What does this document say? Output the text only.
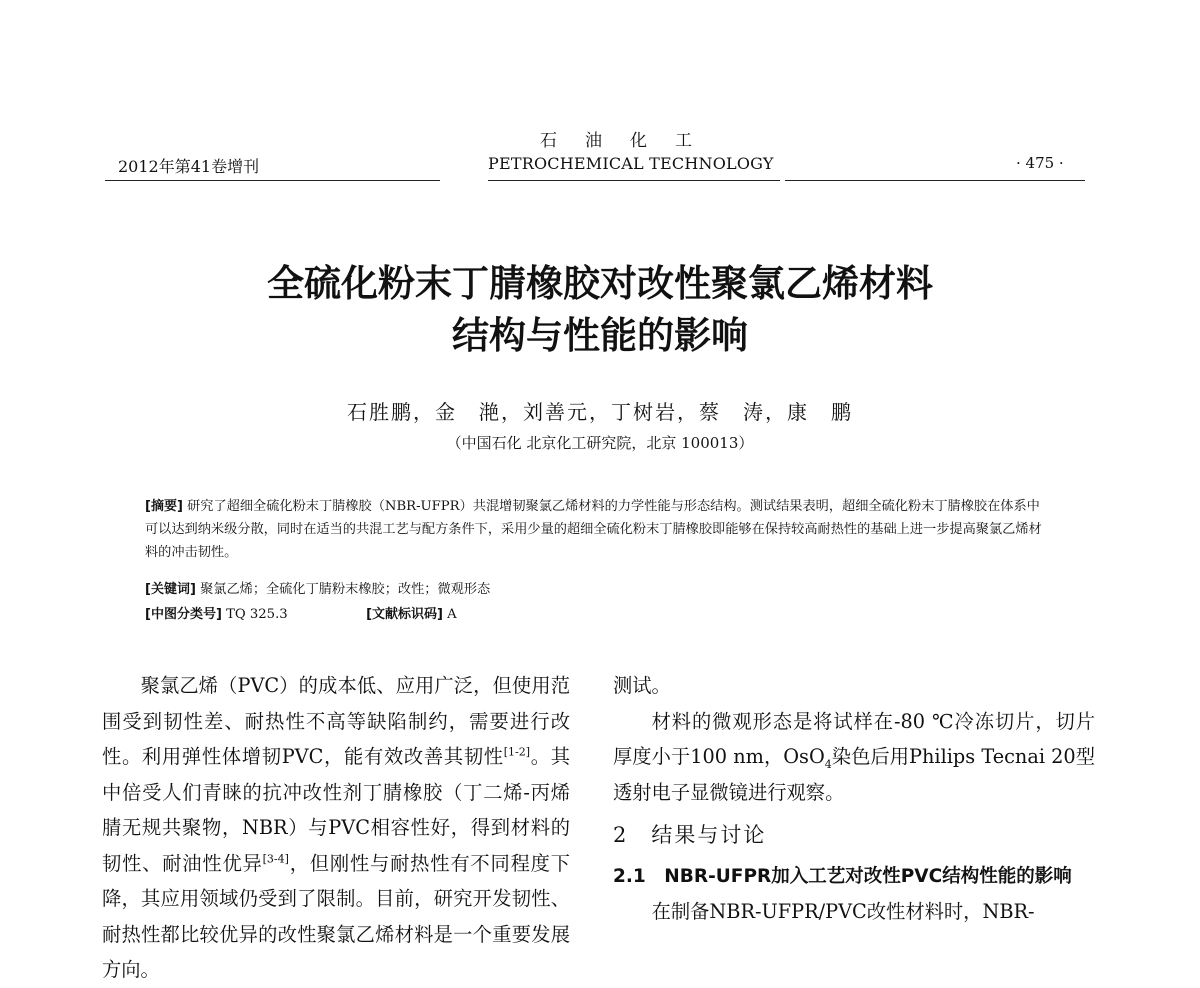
2012年第41卷增刊
石油化工
PETROCHEMICAL TECHNOLOGY	· 475 ·
全硫化粉末丁腈橡胶对改性聚氯乙烯材料
结构与性能的影响
石胜鹏，金　滟，刘善元，丁树岩，蔡　涛，康　鹏
（中国石化 北京化工研究院，北京 100013）
[摘要] 研究了超细全硫化粉末丁腈橡胶（NBR-UFPR）共混增韧聚氯乙烯材料的力学性能与形态结构。测试结果表明，超细全硫化粉末丁腈橡胶在体系中可以达到纳米级分散，同时在适当的共混工艺与配方条件下，采用少量的超细全硫化粉末丁腈橡胶即能够在保持较高耐热性的基础上进一步提高聚氯乙烯材料的冲击韧性。
[关键词] 聚氯乙烯；全硫化丁腈粉末橡胶；改性；微观形态
[中图分类号] TQ 325.3	[文献标识码] A

聚氯乙烯（PVC）的成本低、应用广泛，但使用范围受到韧性差、耐热性不高等缺陷制约，需要进行改性。利用弹性体增韧PVC，能有效改善其韧性[1-2]。其中倍受人们青睐的抗冲改性剂丁腈橡胶（丁二烯-丙烯腈无规共聚物，NBR）与PVC相容性好，得到材料的韧性、耐油性优异[3-4]，但刚性与耐热性有不同程度下降，其应用领域仍受到了限制。目前，研究开发韧性、耐热性都比较优异的改性聚氯乙烯材料是一个重要发展方向。

测试。

材料的微观形态是将试样在-80 ℃冷冻切片，切片厚度小于100 nm，OsO$_4$染色后用Philips Tecnai 20型透射电子显微镜进行观察。

2　结果与讨论

2.1　NBR-UFPR加入工艺对改性PVC结构性能的影响

在制备NBR-UFPR/PVC改性材料时，NBR-
